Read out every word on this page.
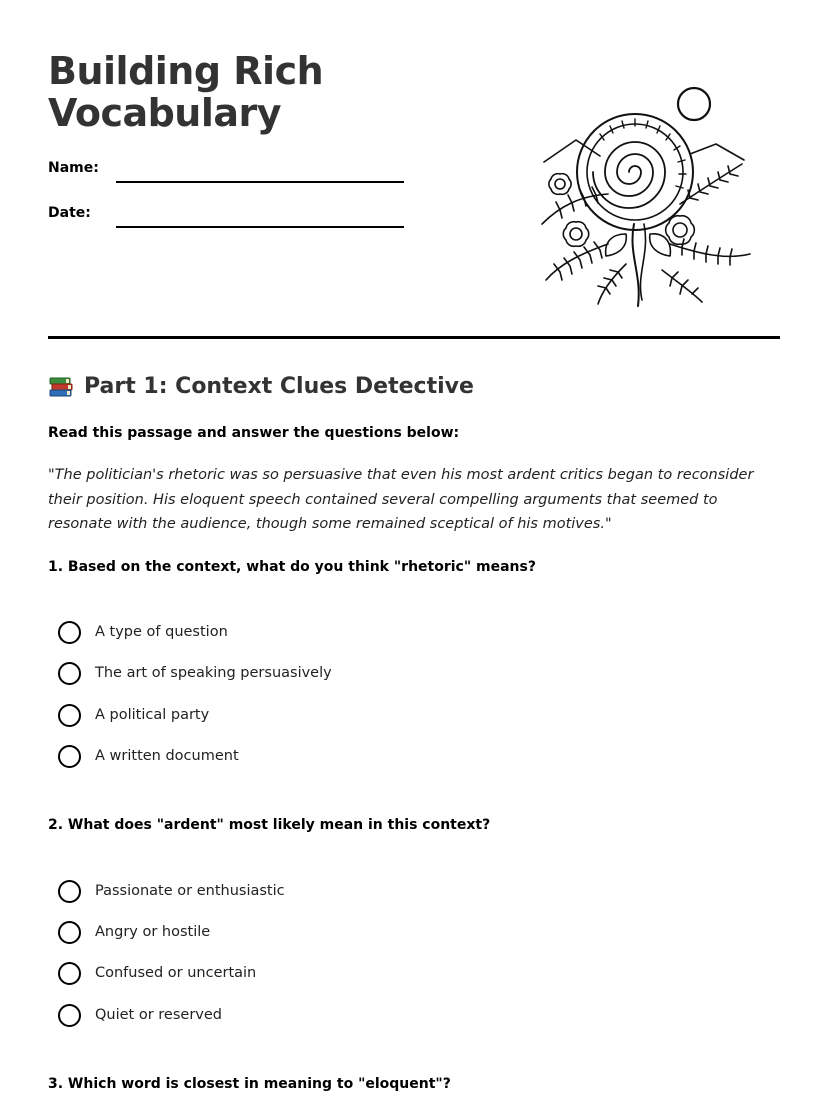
Building Rich
Vocabulary
Name:
Date:
Part 1: Context Clues Detective
Read this passage and answer the questions below:

"The politician's rhetoric was so persuasive that even his most ardent critics began to reconsider their position. His eloquent speech contained several compelling arguments that seemed to resonate with the audience, though some remained sceptical of his motives."

1. Based on the context, what do you think "rhetoric" means?
A type of question
The art of speaking persuasively
A political party
A written document
2. What does "ardent" most likely mean in this context?
Passionate or enthusiastic
Angry or hostile
Confused or uncertain
Quiet or reserved
3. Which word is closest in meaning to "eloquent"?
